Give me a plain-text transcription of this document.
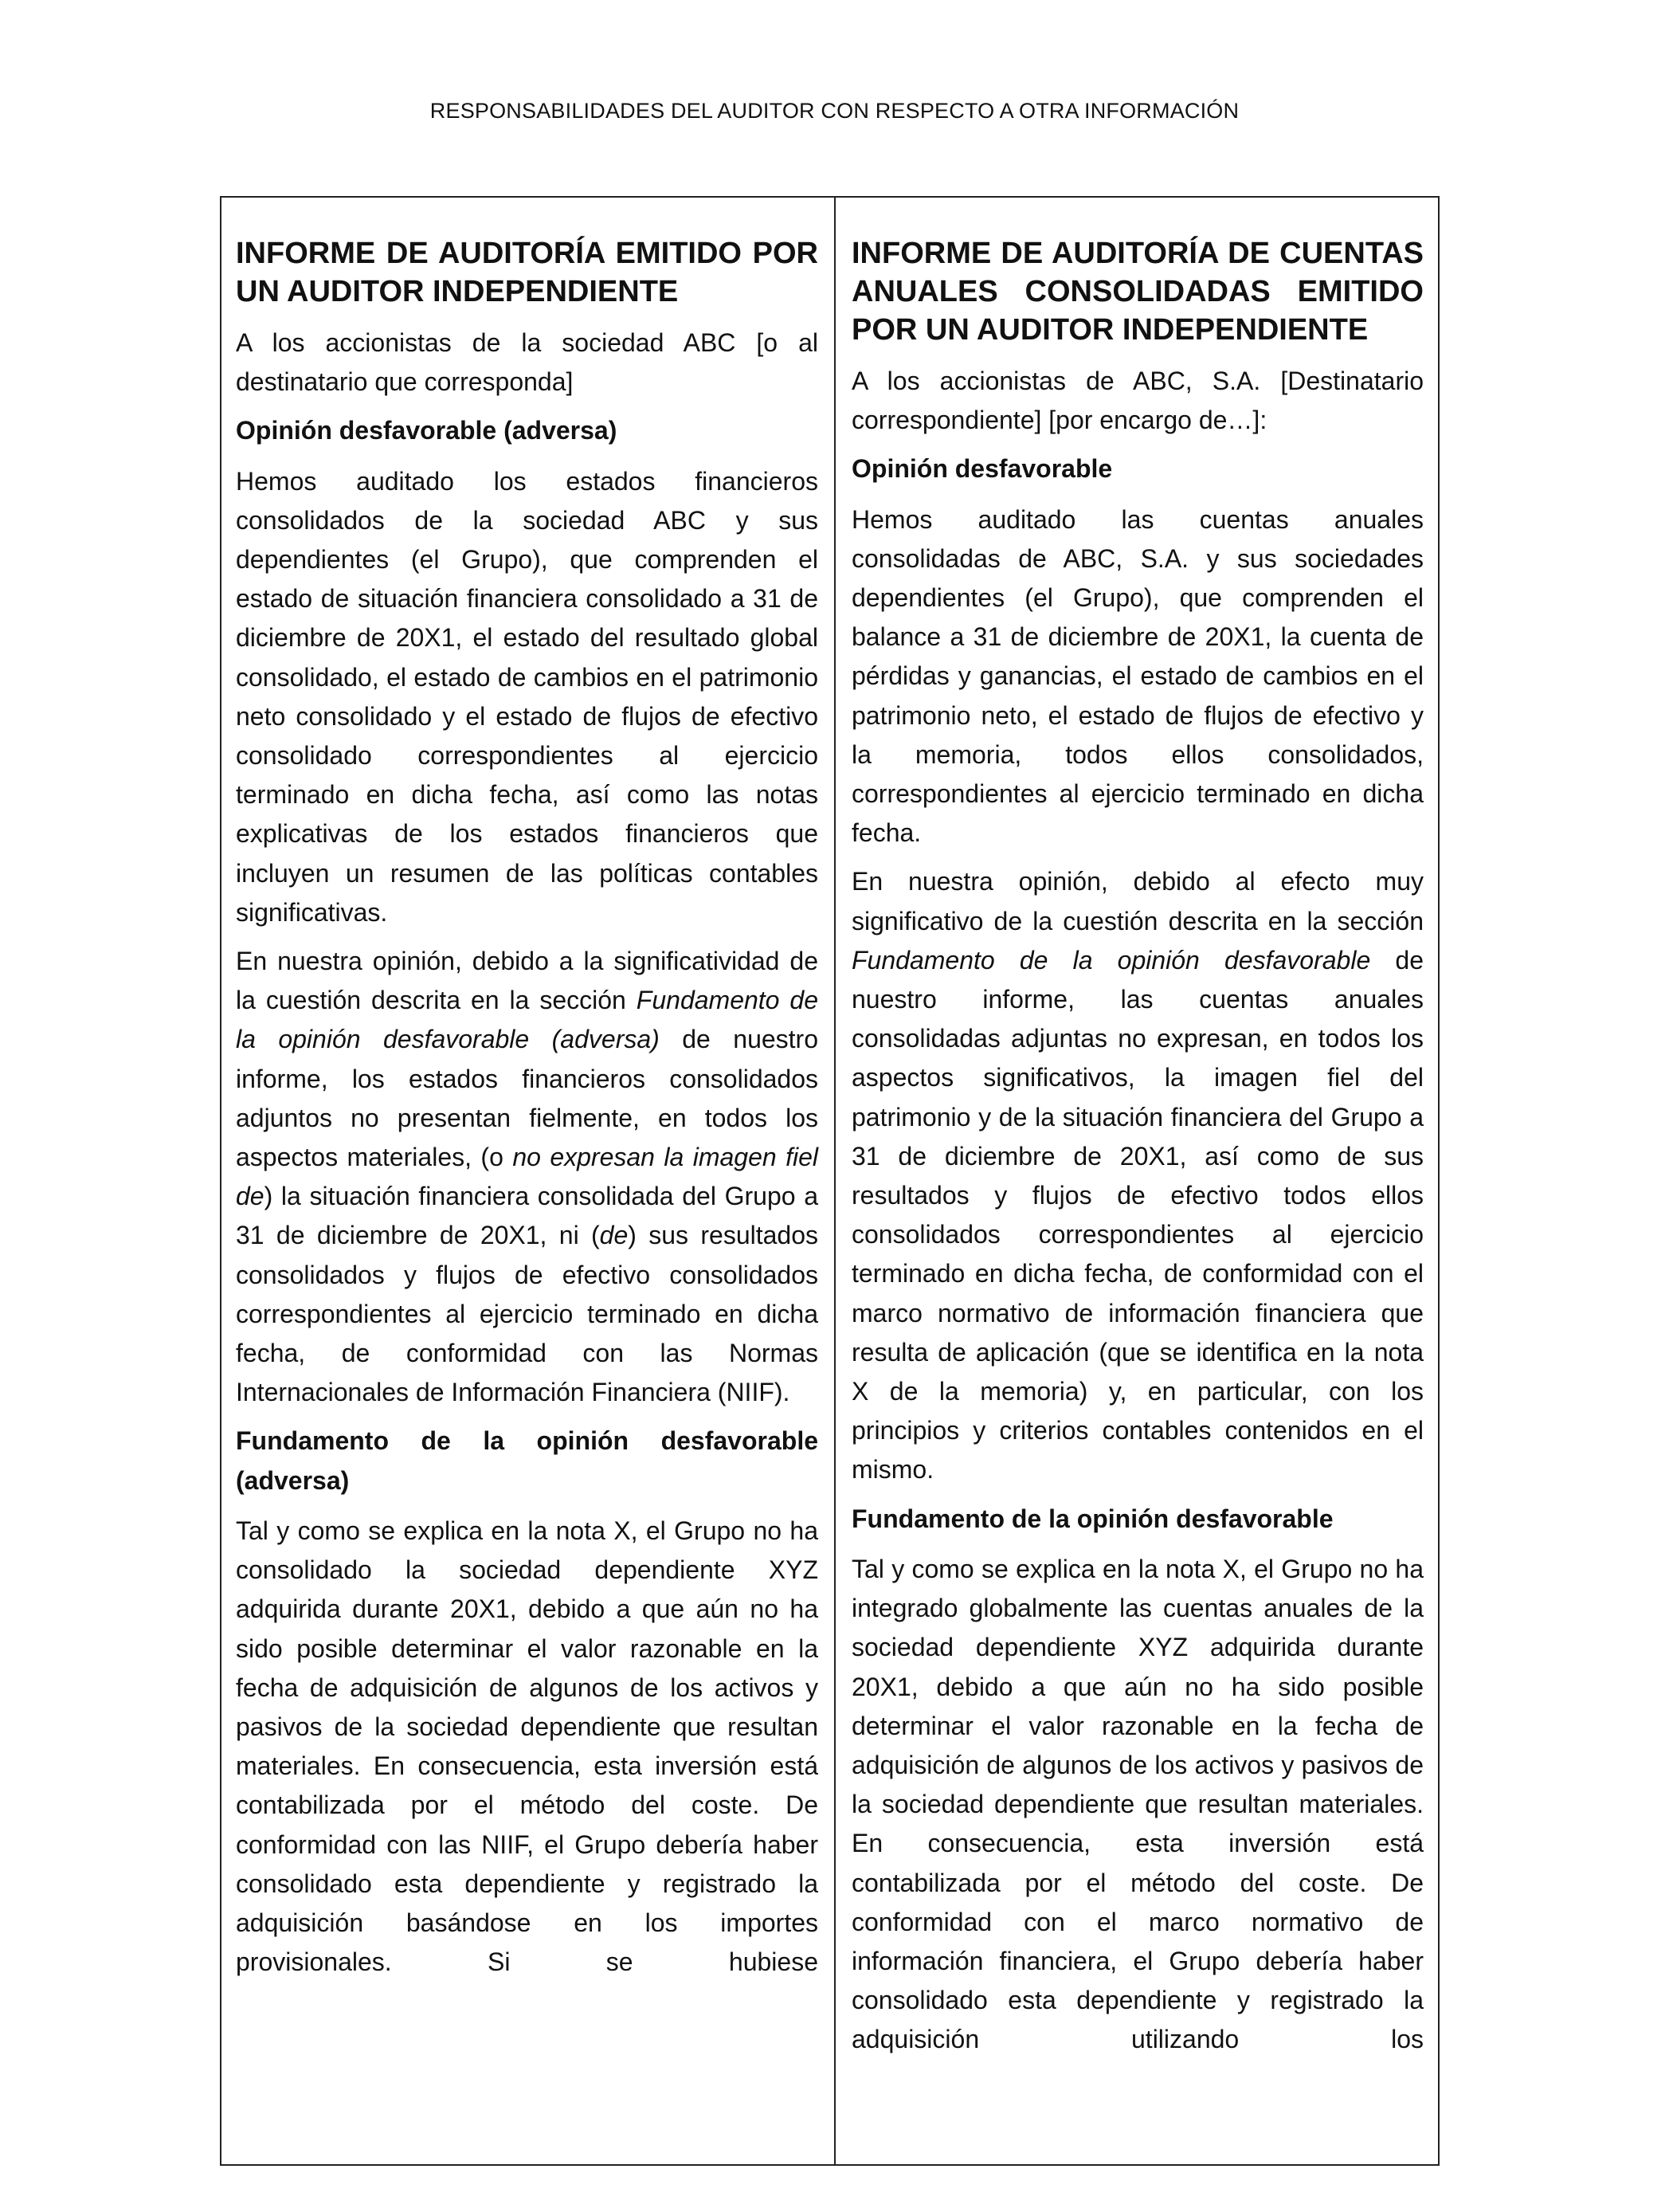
RESPONSABILIDADES DEL AUDITOR CON RESPECTO A OTRA INFORMACIÓN
INFORME DE AUDITORÍA EMITIDO POR UN AUDITOR INDEPENDIENTE

A los accionistas de la sociedad ABC [o al destinatario que corresponda]

Opinión desfavorable (adversa)

Hemos auditado los estados financieros consolidados de la sociedad ABC y sus dependientes (el Grupo), que comprenden el estado de situación financiera consolidado a 31 de diciembre de 20X1, el estado del resultado global consolidado, el estado de cambios en el patrimonio neto consolidado y el estado de flujos de efectivo consolidado correspondientes al ejercicio terminado en dicha fecha, así como las notas explicativas de los estados financieros que incluyen un resumen de las políticas contables significativas.

En nuestra opinión, debido a la significatividad de la cuestión descrita en la sección Fundamento de la opinión desfavorable (adversa) de nuestro informe, los estados financieros consolidados adjuntos no presentan fielmente, en todos los aspectos materiales, (o no expresan la imagen fiel de) la situación financiera consolidada del Grupo a 31 de diciembre de 20X1, ni (de) sus resultados consolidados y flujos de efectivo consolidados correspondientes al ejercicio terminado en dicha fecha, de conformidad con las Normas Internacionales de Información Financiera (NIIF).

Fundamento de la opinión desfavorable (adversa)

Tal y como se explica en la nota X, el Grupo no ha consolidado la sociedad dependiente XYZ adquirida durante 20X1, debido a que aún no ha sido posible determinar el valor razonable en la fecha de adquisición de algunos de los activos y pasivos de la sociedad dependiente que resultan materiales. En consecuencia, esta inversión está contabilizada por el método del coste. De conformidad con las NIIF, el Grupo debería haber consolidado esta dependiente y registrado la adquisición basándose en los importes provisionales. Si se hubiese

INFORME DE AUDITORÍA DE CUENTAS ANUALES CONSOLIDADAS EMITIDO POR UN AUDITOR INDEPENDIENTE

A los accionistas de ABC, S.A. [Destinatario correspondiente] [por encargo de…]:

Opinión desfavorable

Hemos auditado las cuentas anuales consolidadas de ABC, S.A. y sus sociedades dependientes (el Grupo), que comprenden el balance a 31 de diciembre de 20X1, la cuenta de pérdidas y ganancias, el estado de cambios en el patrimonio neto, el estado de flujos de efectivo y la memoria, todos ellos consolidados, correspondientes al ejercicio terminado en dicha fecha.

En nuestra opinión, debido al efecto muy significativo de la cuestión descrita en la sección Fundamento de la opinión desfavorable de nuestro informe, las cuentas anuales consolidadas adjuntas no expresan, en todos los aspectos significativos, la imagen fiel del patrimonio y de la situación financiera del Grupo a 31 de diciembre de 20X1, así como de sus resultados y flujos de efectivo todos ellos consolidados correspondientes al ejercicio terminado en dicha fecha, de conformidad con el marco normativo de información financiera que resulta de aplicación (que se identifica en la nota X de la memoria) y, en particular, con los principios y criterios contables contenidos en el mismo.

Fundamento de la opinión desfavorable

Tal y como se explica en la nota X, el Grupo no ha integrado globalmente las cuentas anuales de la sociedad dependiente XYZ adquirida durante 20X1, debido a que aún no ha sido posible determinar el valor razonable en la fecha de adquisición de algunos de los activos y pasivos de la sociedad dependiente que resultan materiales. En consecuencia, esta inversión está contabilizada por el método del coste. De conformidad con el marco normativo de información financiera, el Grupo debería haber consolidado esta dependiente y registrado la adquisición utilizando los
